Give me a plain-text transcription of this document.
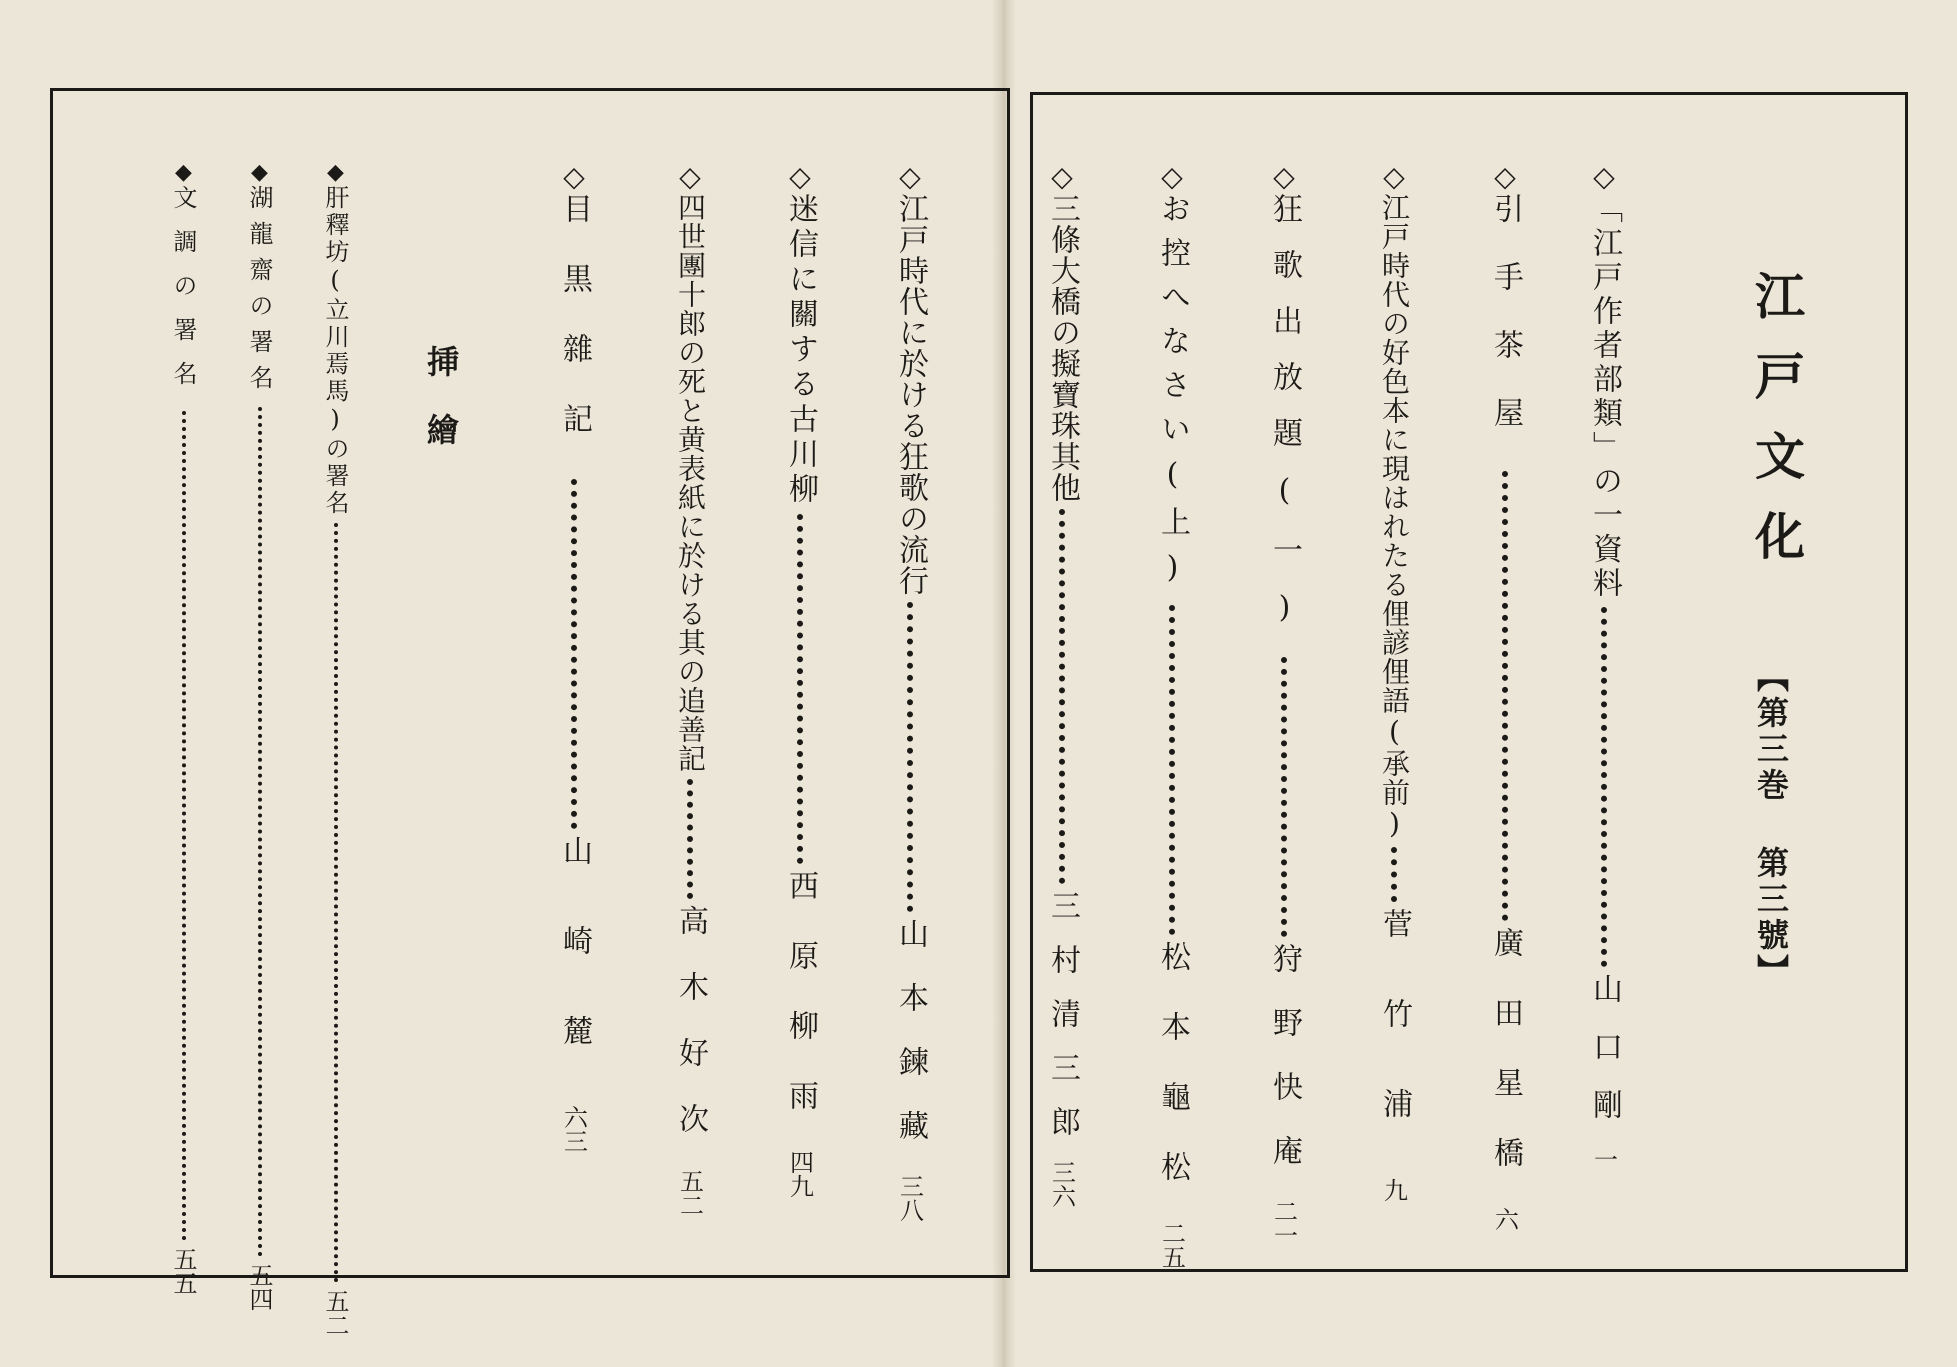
江戸文化
【第三巻 第三號】
◇
「江戸作者部類」の一資料
山口剛
一
◇
引手茶屋
廣田星橋
六
◇
江戸時代の好色本に現はれたる俚諺俚語(承前)
菅竹浦
九
◇
狂歌出放題(一)
狩野快庵
二一
◇
お控へなさい(上)
松本龜松
二五
◇
三條大橋の擬寶珠其他
三村清三郎
三六
◇
江戸時代に於ける狂歌の流行
山本鍊藏
三八
◇
迷信に關する古川柳
西原柳雨
四九
◇
四世團十郎の死と黄表紙に於ける其の追善記
高木好次
五二
◇
目黒雜記
山崎麓
六三
挿繪
◆
肝釋坊(立川焉馬)の署名
五二
◆
湖龍齋の署名
五四
◆
文調の署名
五五
